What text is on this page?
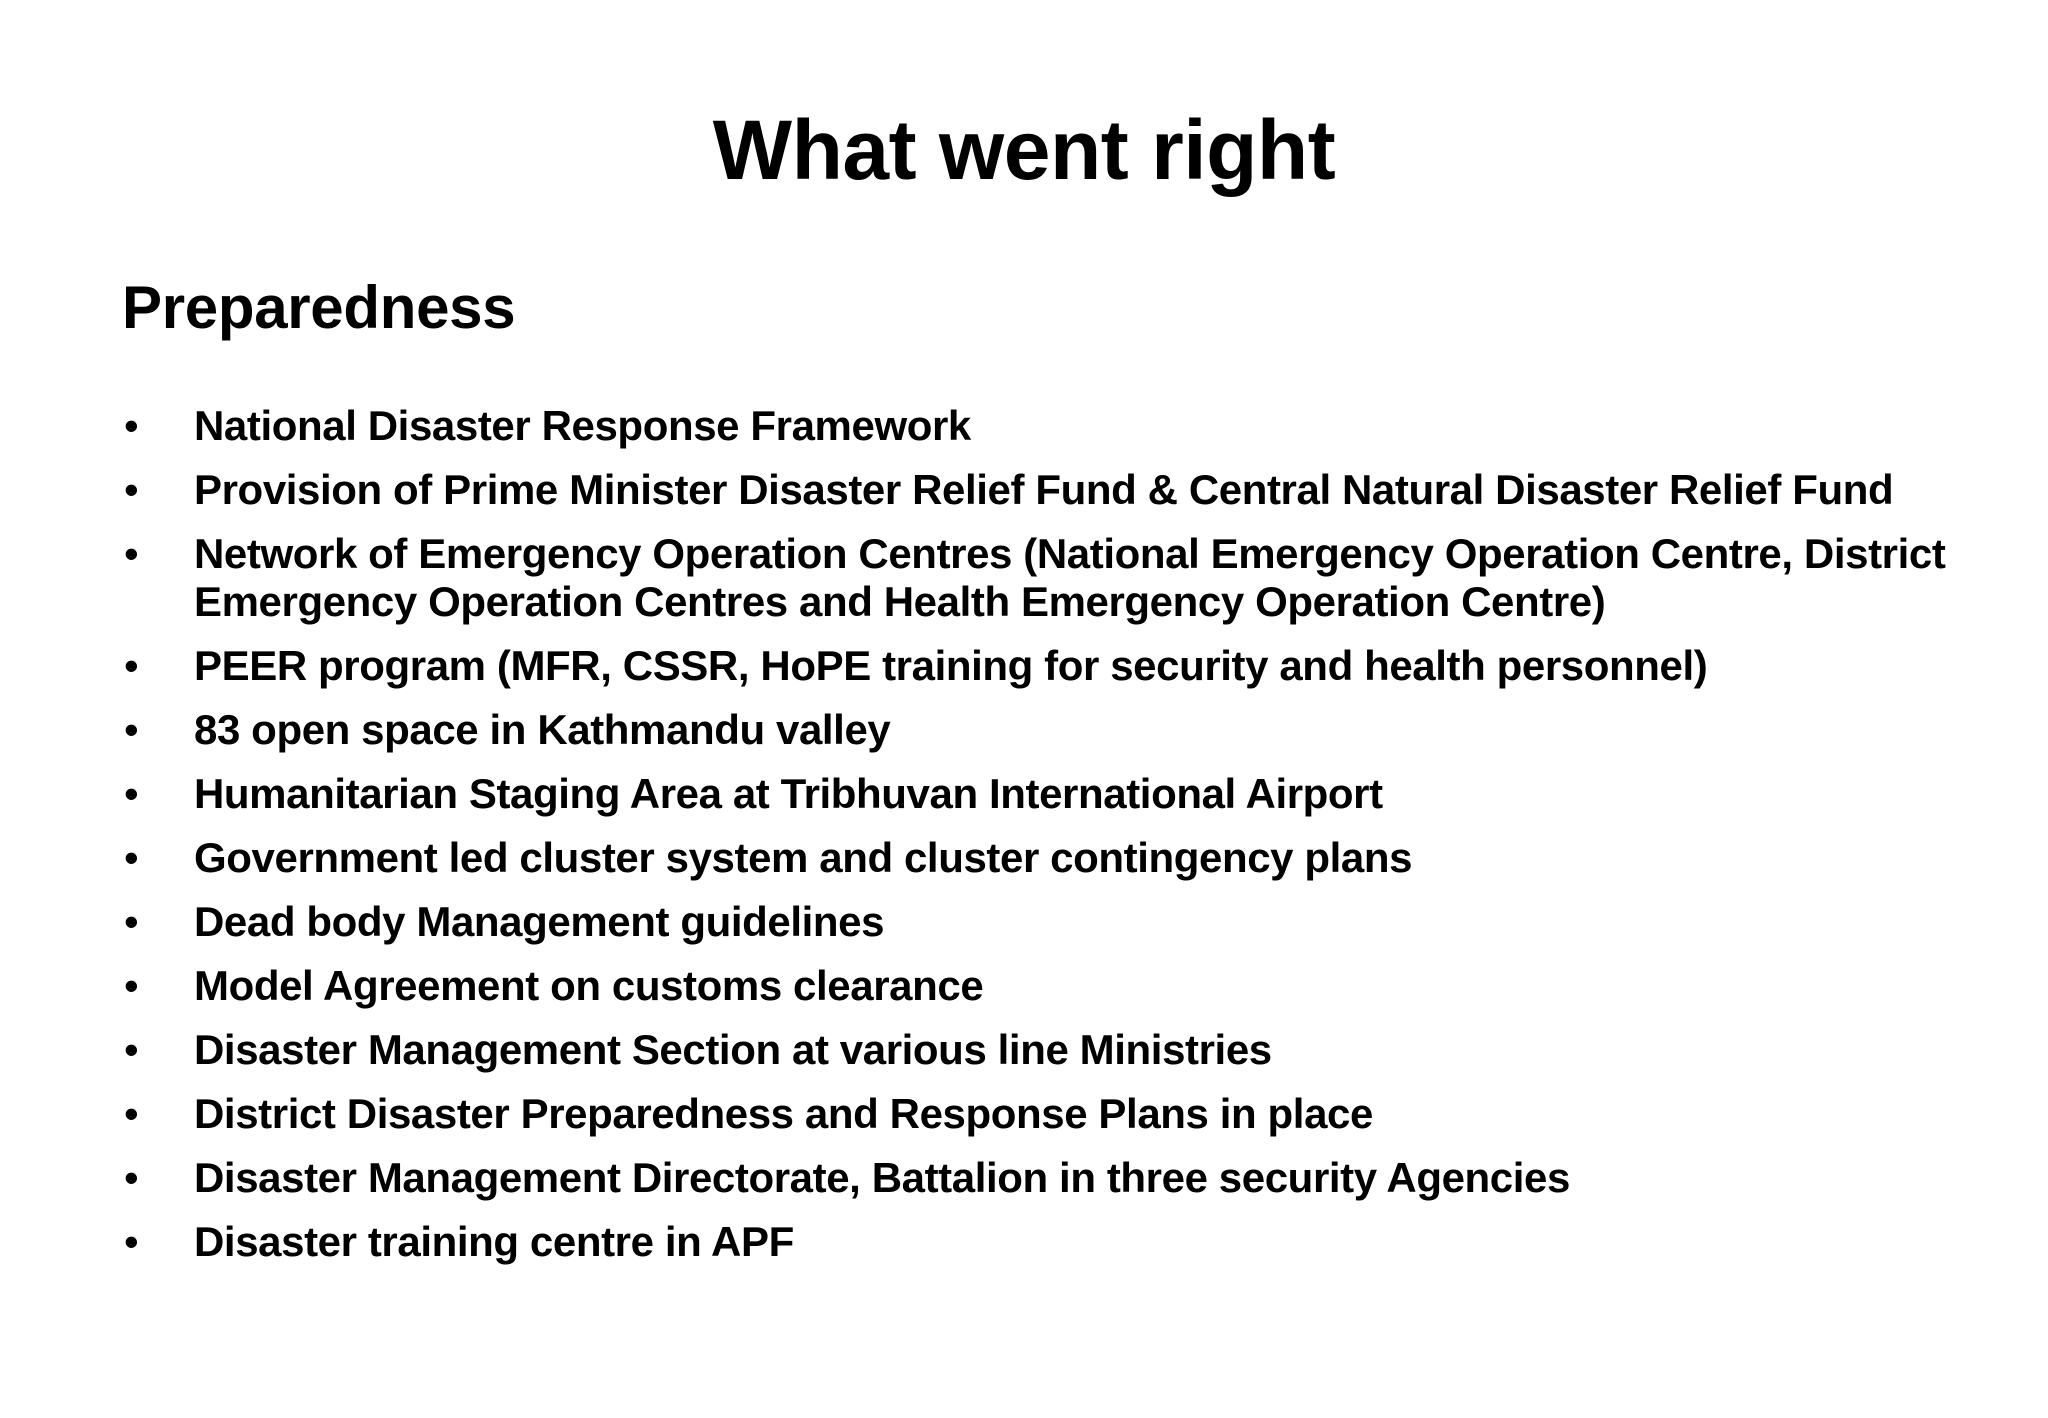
What went right
Preparedness
• National Disaster Response Framework
• Provision of Prime Minister Disaster Relief Fund & Central Natural Disaster Relief Fund
• Network of Emergency Operation Centres (National Emergency Operation Centre, District Emergency Operation Centres and Health Emergency Operation Centre)
• PEER program (MFR, CSSR, HoPE training for security and health personnel)
• 83 open space in Kathmandu valley
• Humanitarian Staging Area at Tribhuvan International Airport
• Government led cluster system and cluster contingency plans
• Dead body Management guidelines
• Model Agreement on customs clearance
• Disaster Management Section at various line Ministries
• District Disaster Preparedness and Response Plans in place
• Disaster Management Directorate, Battalion in three security Agencies
• Disaster training centre in APF
